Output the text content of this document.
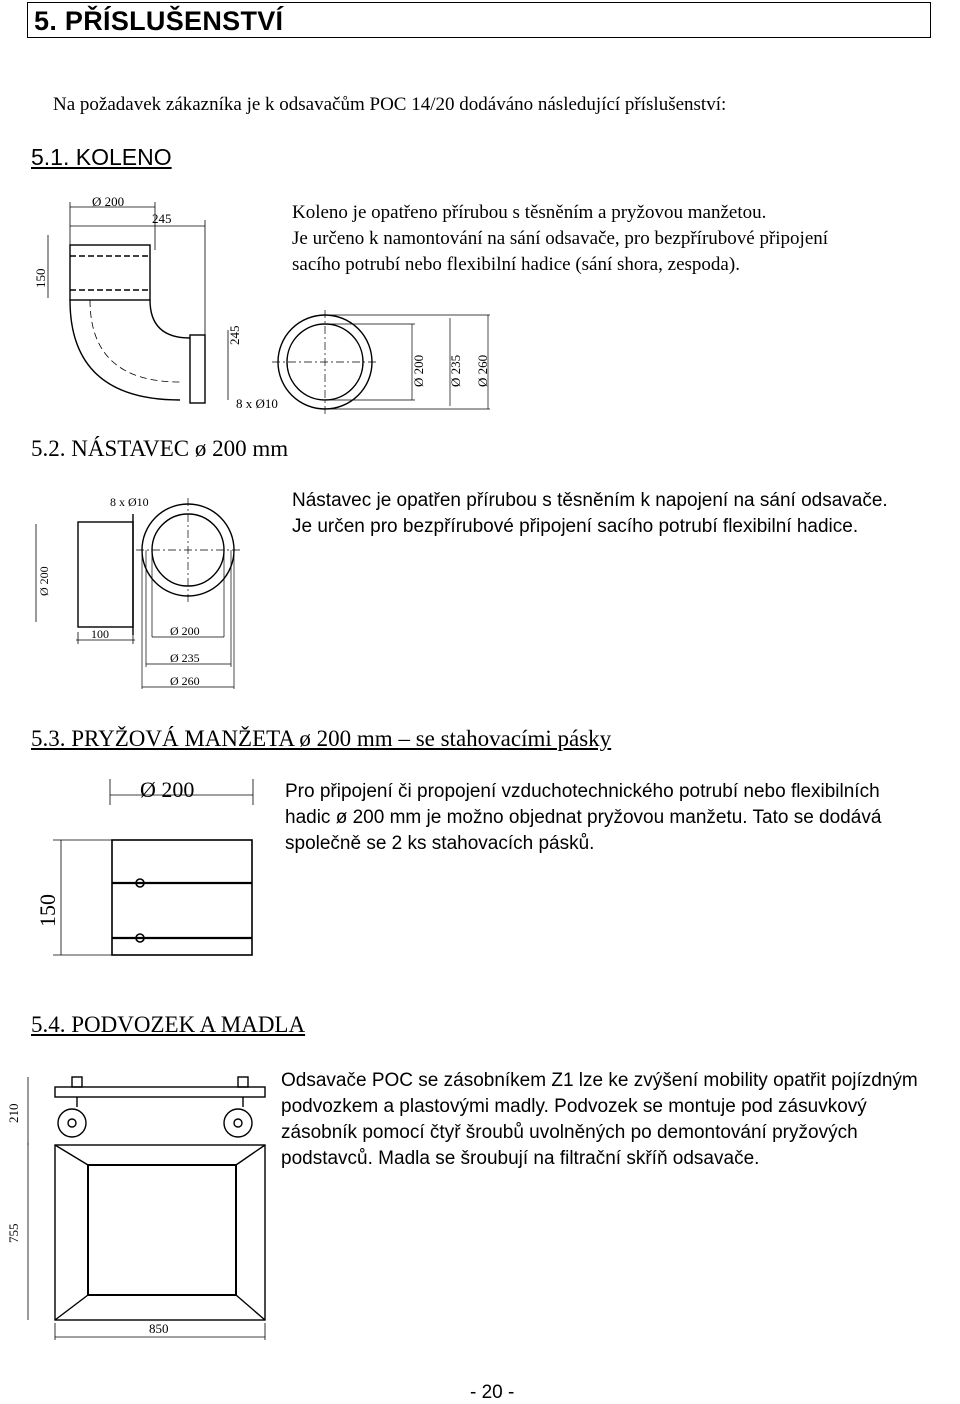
5. PŘÍSLUŠENSTVÍ
Na požadavek zákazníka je k odsavačům POC 14/20 dodáváno následující příslušenství:
5.1. KOLENO
Koleno je opatřeno přírubou s těsněním a pryžovou manžetou.
Je určeno k namontování na sání odsavače, pro bezpřírubové připojení
sacího potrubí nebo flexibilní hadice (sání shora, zespoda).
Ø 200
245
150
245
8 x Ø10
Ø 200 Ø 235 Ø 260
5.2. NÁSTAVEC ø 200 mm
Nástavec je opatřen přírubou s těsněním k napojení na sání odsavače.
Je určen pro bezpřírubové připojení sacího potrubí flexibilní hadice.
8 x Ø10
Ø 200
100	Ø 200
Ø 235
Ø 260
5.3. PRYŽOVÁ MANŽETA ø 200 mm – se stahovacími pásky
Pro připojení či propojení vzduchotechnického potrubí nebo flexibilních
hadic ø 200 mm je možno objednat pryžovou manžetu. Tato se dodává
společně se 2 ks stahovacích pásků.
Ø 200
150
5.4. PODVOZEK A MADLA
Odsavače POC se zásobníkem Z1 lze ke zvýšení mobility opatřit pojízdným
podvozkem a plastovými madly. Podvozek se montuje pod zásuvkový
zásobník pomocí čtyř šroubů uvolněných po demontování pryžových
podstavců. Madla se šroubují na filtrační skříň odsavače.
210
755
850
- 20 -
